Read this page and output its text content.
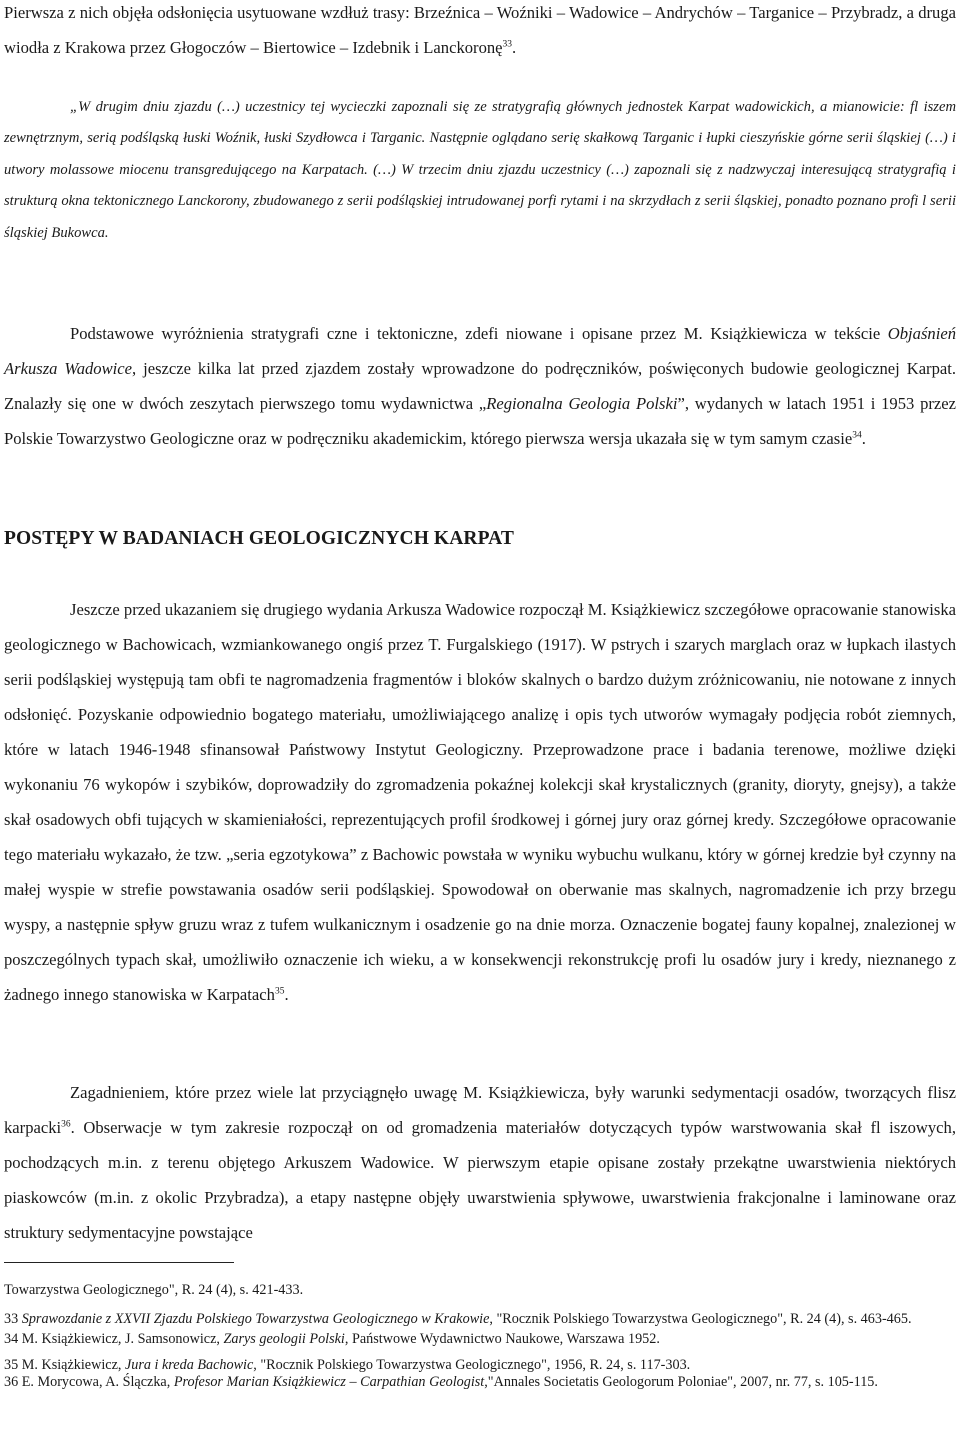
Pierwsza z nich objęła odsłonięcia usytuowane wzdłuż trasy: Brzeźnica – Woźniki – Wadowice – Andrychów – Targanice – Przybradz, a druga wiodła z Krakowa przez Głogoczów – Biertowice – Izdebnik i Lanckoronę$^{33}$.

„W drugim dniu zjazdu (…) uczestnicy tej wycieczki zapoznali się ze stratygrafią głównych jednostek Karpat wadowickich, a mianowicie: fl iszem zewnętrznym, serią podśląską łuski Woźnik, łuski Szydłowca i Targanic. Następnie oglądano serię skałkową Targanic i łupki cieszyńskie górne serii śląskiej (…) i utwory molassowe miocenu transgredującego na Karpatach. (…) W trzecim dniu zjazdu uczestnicy (…) zapoznali się z nadzwyczaj interesującą stratygrafią i strukturą okna tektonicznego Lanckorony, zbudowanego z serii podśląskiej intrudowanej porfi rytami i na skrzydłach z serii śląskiej, ponadto poznano profi l serii śląskiej Bukowca.

Podstawowe wyróżnienia stratygrafi czne i tektoniczne, zdefi niowane i opisane przez M. Książkiewicza w tekście Objaśnień Arkusza Wadowice, jeszcze kilka lat przed zjazdem zostały wprowadzone do podręczników, poświęconych budowie geologicznej Karpat. Znalazły się one w dwóch zeszytach pierwszego tomu wydawnictwa „Regionalna Geologia Polski”, wydanych w latach 1951 i 1953 przez Polskie Towarzystwo Geologiczne oraz w podręczniku akademickim, którego pierwsza wersja ukazała się w tym samym czasie$^{34}$.

POSTĘPY W BADANIACH GEOLOGICZNYCH KARPAT

Jeszcze przed ukazaniem się drugiego wydania Arkusza Wadowice rozpoczął M. Książkiewicz szczegółowe opracowanie stanowiska geologicznego w Bachowicach, wzmiankowanego ongiś przez T. Furgalskiego (1917). W pstrych i szarych marglach oraz w łupkach ilastych serii podśląskiej występują tam obfi te nagromadzenia fragmentów i bloków skalnych o bardzo dużym zróżnicowaniu, nie notowane z innych odsłonięć. Pozyskanie odpowiednio bogatego materiału, umożliwiającego analizę i opis tych utworów wymagały podjęcia robót ziemnych, które w latach 1946-1948 sfinansował Państwowy Instytut Geologiczny. Przeprowadzone prace i badania terenowe, możliwe dzięki wykonaniu 76 wykopów i szybików, doprowadziły do zgromadzenia pokaźnej kolekcji skał krystalicznych (granity, dioryty, gnejsy), a także skał osadowych obfi tujących w skamieniałości, reprezentujących profil środkowej i górnej jury oraz górnej kredy. Szczegółowe opracowanie tego materiału wykazało, że tzw. „seria egzotykowa” z Bachowic powstała w wyniku wybuchu wulkanu, który w górnej kredzie był czynny na małej wyspie w strefie powstawania osadów serii podśląskiej. Spowodował on oberwanie mas skalnych, nagromadzenie ich przy brzegu wyspy, a następnie spływ gruzu wraz z tufem wulkanicznym i osadzenie go na dnie morza. Oznaczenie bogatej fauny kopalnej, znalezionej w poszczególnych typach skał, umożliwiło oznaczenie ich wieku, a w konsekwencji rekonstrukcję profi lu osadów jury i kredy, nieznanego z żadnego innego stanowiska w Karpatach$^{35}$.

Zagadnieniem, które przez wiele lat przyciągnęło uwagę M. Książkiewicza, były warunki sedymentacji osadów, tworzących flisz karpacki$^{36}$. Obserwacje w tym zakresie rozpoczął on od gromadzenia materiałów dotyczących typów warstwowania skał fl iszowych, pochodzących m.in. z terenu objętego Arkuszem Wadowice. W pierwszym etapie opisane zostały przekątne uwarstwienia niektórych piaskowców (m.in. z okolic Przybradza), a etapy następne objęły uwarstwienia spływowe, uwarstwienia frakcjonalne i laminowane oraz struktury sedymentacyjne powstające

Towarzystwa Geologicznego", R. 24 (4), s. 421-433.

33 Sprawozdanie z XXVII Zjazdu Polskiego Towarzystwa Geologicznego w Krakowie, "Rocznik Polskiego Towarzystwa Geologicznego", R. 24 (4), s. 463-465.

34 M. Książkiewicz, J. Samsonowicz, Zarys geologii Polski, Państwowe Wydawnictwo Naukowe, Warszawa 1952.

35 M. Książkiewicz, Jura i kreda Bachowic, "Rocznik Polskiego Towarzystwa Geologicznego", 1956, R. 24, s. 117-303.

36 E. Morycowa, A. Ślączka, Profesor Marian Książkiewicz – Carpathian Geologist,"Annales Societatis Geologorum Poloniae", 2007, nr. 77, s. 105-115.
